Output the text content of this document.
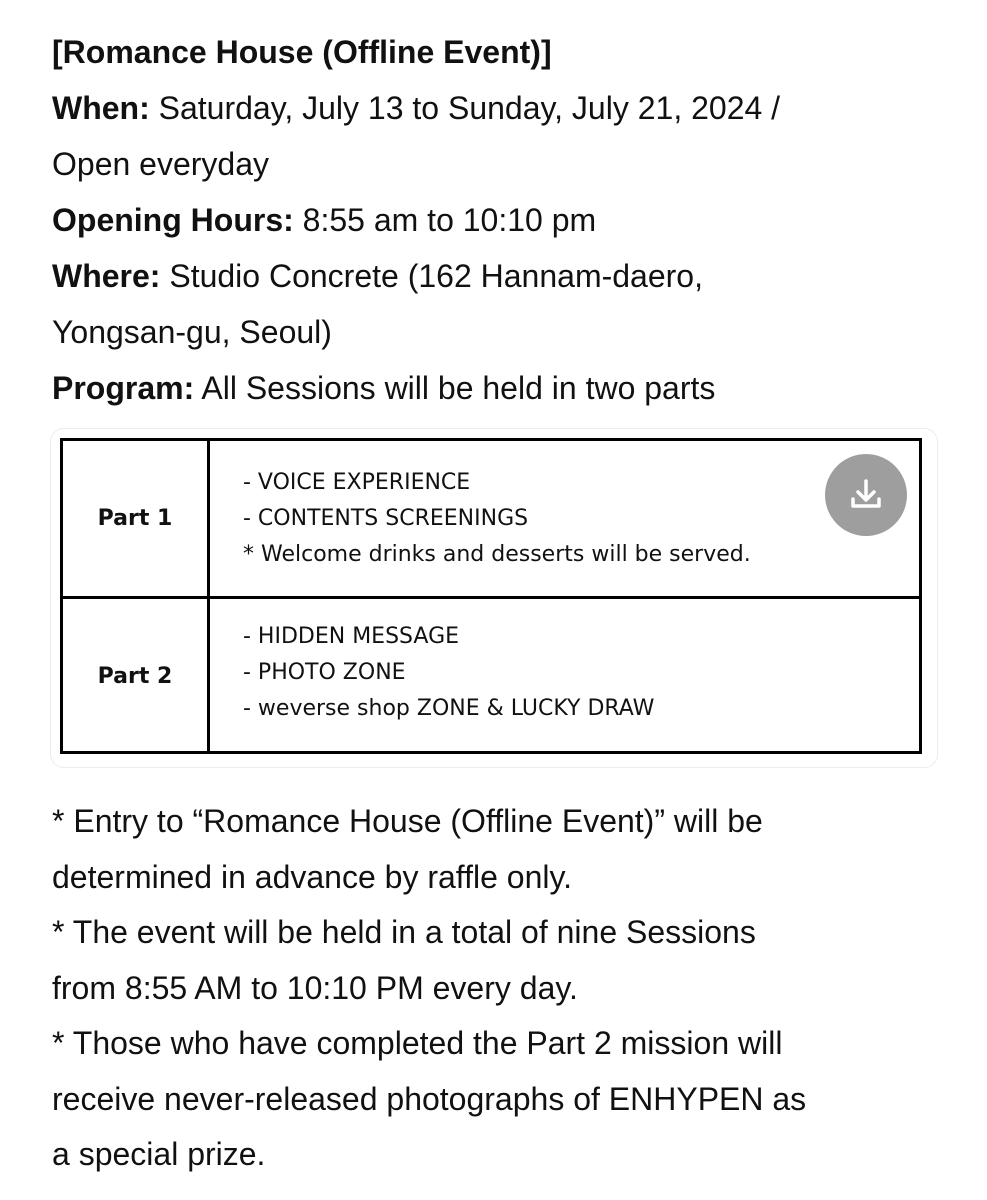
[Romance House (Offline Event)]
When: Saturday, July 13 to Sunday, July 21, 2024 /
Open everyday
Opening Hours: 8:55 am to 10:10 pm
Where: Studio Concrete (162 Hannam-daero,
Yongsan-gu, Seoul)
Program: All Sessions will be held in two parts
Part 1
- VOICE EXPERIENCE
- CONTENTS SCREENINGS
* Welcome drinks and desserts will be served.
Part 2
- HIDDEN MESSAGE
- PHOTO ZONE
- weverse shop ZONE & LUCKY DRAW
* Entry to “Romance House (Offline Event)” will be
determined in advance by raffle only.
* The event will be held in a total of nine Sessions
from 8:55 AM to 10:10 PM every day.
* Those who have completed the Part 2 mission will
receive never-released photographs of ENHYPEN as
a special prize.
